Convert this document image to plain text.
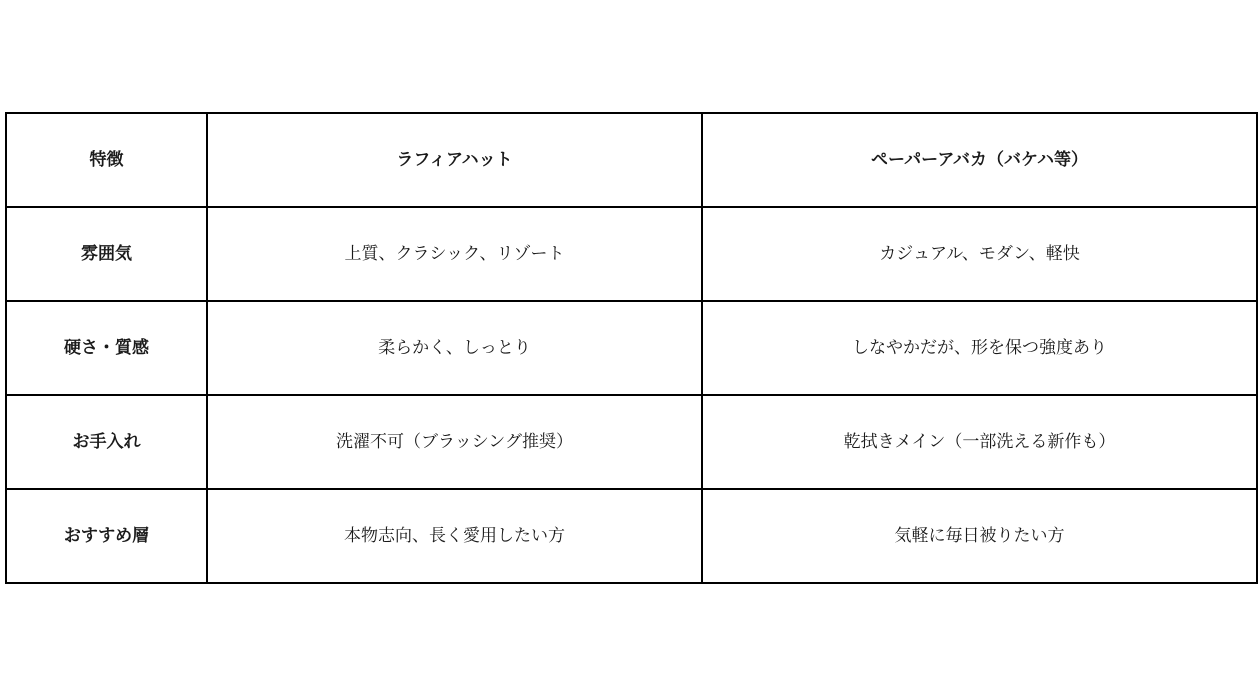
特徴	ラフィアハット	ペーパーアバカ（バケハ等）
雰囲気	上質、クラシック、リゾート	カジュアル、モダン、軽快
硬さ・質感	柔らかく、しっとり	しなやかだが、形を保つ強度あり
お手入れ	洗濯不可（ブラッシング推奨）	乾拭きメイン（一部洗える新作も）
おすすめ層	本物志向、長く愛用したい方	気軽に毎日被りたい方
